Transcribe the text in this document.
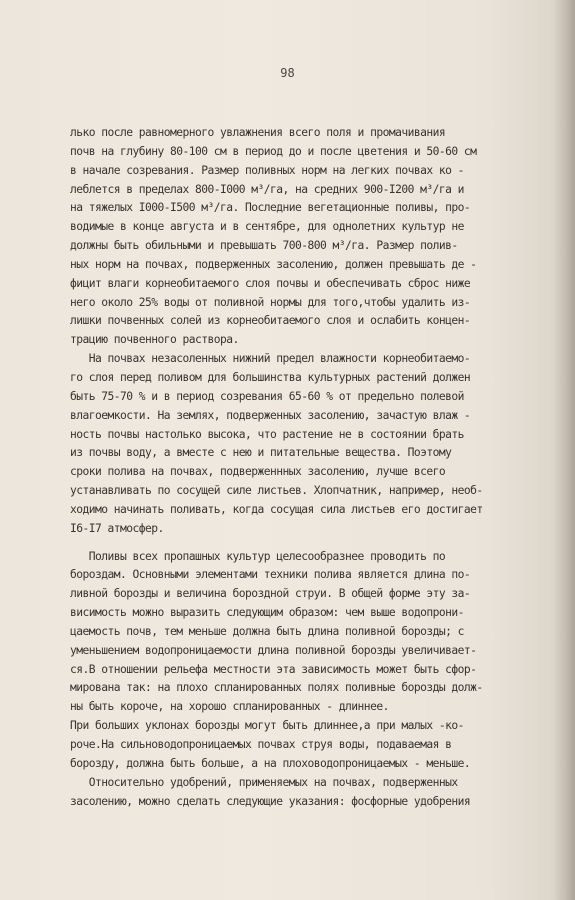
98
лько после равномерного увлажнения всего поля и промачивания
почв на глубину 80-100 см в период до и после цветения и 50-60 см
в начале созревания. Размер поливных норм на легких почвах ко -
леблется в пределах 800-I000 м³/га, на средних 900-I200 м³/га и
на тяжелых I000-I500 м³/га. Последние вегетационные поливы, про-
водимые в конце августа и в сентябре, для однолетних культур не
должны быть обильными и превышать 700-800 м³/га. Размер полив-
ных норм на почвах, подверженных засолению, должен превышать де -
фицит влаги корнеобитаемого слоя почвы и обеспечивать сброс ниже
него около 25% воды от поливной нормы для того,чтобы удалить из-
лишки почвенных солей из корнеобитаемого слоя и ослабить концен-
трацию почвенного раствора.
На почвах незасоленных нижний предел влажности корнеобитаемо-
го слоя перед поливом для большинства культурных растений должен
быть 75-70 % и в период созревания 65-60 % от предельно полевой
влагоемкости. На землях, подверженных засолению, зачастую влаж -
ность почвы настолько высока, что растение не в состоянии брать
из почвы воду, а вместе с нею и питательные вещества. Поэтому
сроки полива на почвах, подверженнных засолению, лучше всего
устанавливать по сосущей силе листьев. Хлопчатник, например, необ-
ходимо начинать поливать, когда сосущая сила листьев его достигает
I6-I7 атмосфер.
Поливы всех пропашных культур целесообразнее проводить по
бороздам. Основными элементами техники полива является длина по-
ливной борозды и величина бороздной струи. В общей форме эту за-
висимость можно выразить следующим образом: чем выше водопрони-
цаемость почв, тем меньше должна быть длина поливной борозды; с
уменьшением водопроницаемости длина поливной борозды увеличивает-
ся.В отношении рельефа местности эта зависимость может быть сфор-
мирована так: на плохо спланированных полях поливные борозды долж-
ны быть короче, на хорошо спланированных - длиннее.
При больших уклонах борозды могут быть длиннее,а при малых -ко-
роче.На сильноводопроницаемых почвах струя воды, подаваемая в
борозду, должна быть больше, а на плоховодопроницаемых - меньше.
Относительно удобрений, применяемых на почвах, подверженных
засолению, можно сделать следующие указания: фосфорные удобрения
